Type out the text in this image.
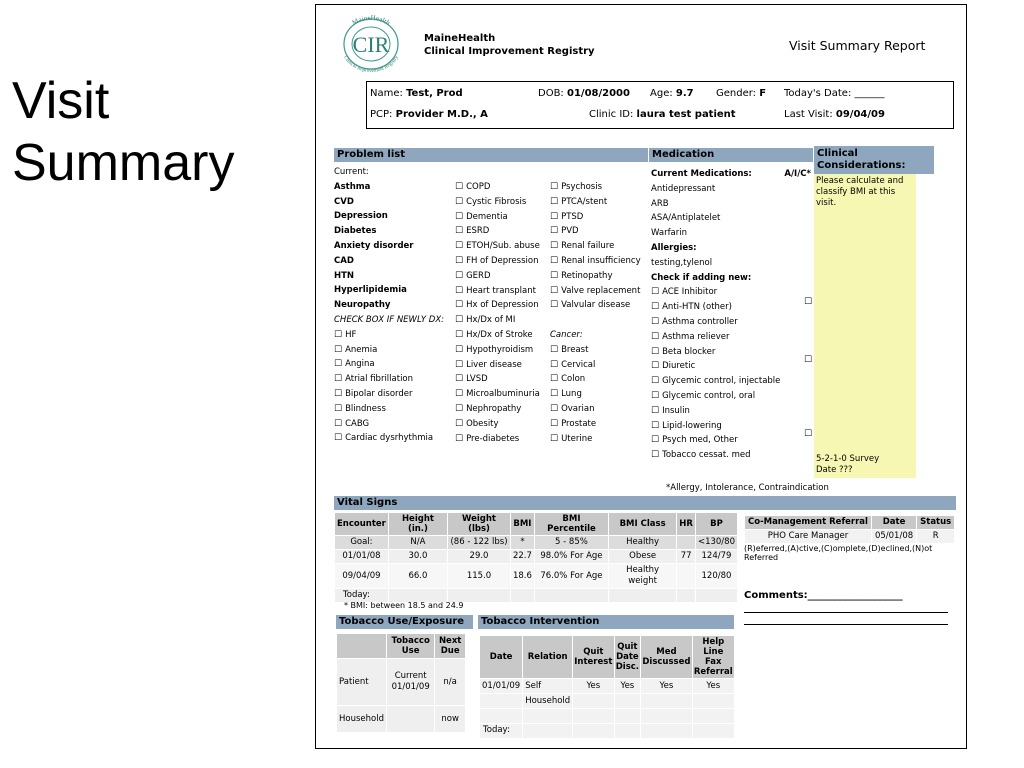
Visit
Summary
CIR
MaineHealth
Clinical Improvement Registry
MaineHealth
Clinical Improvement Registry	Visit Summary Report
Name: Test, Prod	DOB: 01/08/2000 Age: 9.7 Gender: F Today's Date: ______
PCP: Provider M.D., A	Clinic ID: laura test patient	Last Visit: 09/04/09
Problem list	Medication	Clinical Considerations:
Please calculate and classify BMI at this visit.
5-2-1-0 Survey
Date ???
Current:
Asthma
CVD
Depression
Diabetes
Anxiety disorder
CAD
HTN
Hyperlipidemia
Neuropathy
CHECK BOX IF NEWLY DX:
☐ HF
☐ Anemia
☐ Angina
☐ Atrial fibrillation
☐ Bipolar disorder
☐ Blindness
☐ CABG
☐ Cardiac dysrhythmia
☐ COPD
☐ Cystic Fibrosis
☐ Dementia
☐ ESRD
☐ ETOH/Sub. abuse
☐ FH of Depression
☐ GERD
☐ Heart transplant
☐ Hx of Depression
☐ Hx/Dx of MI
☐ Hx/Dx of Stroke
☐ Hypothyroidism
☐ Liver disease
☐ LVSD
☐ Microalbuminuria
☐ Nephropathy
☐ Obesity
☐ Pre-diabetes
☐ Psychosis
☐ PTCA/stent
☐ PTSD
☐ PVD
☐ Renal failure
☐ Renal insufficiency
☐ Retinopathy
☐ Valve replacement
☐ Valvular disease
Cancer:
☐ Breast
☐ Cervical
☐ Colon
☐ Lung
☐ Ovarian
☐ Prostate
☐ Uterine
Current Medications:	A/I/C*
Antidepressant
ARB
ASA/Antiplatelet
Warfarin
Allergies:
testing,tylenol
Check if adding new:
☐ ACE Inhibitor
☐ Anti-HTN (other)
☐ Asthma controller
☐ Asthma reliever
☐ Beta blocker
☐ Diuretic
☐ Glycemic control, injectable
☐ Glycemic control, oral
☐ Insulin
☐ Lipid-lowering
☐ Psych med, Other
☐ Tobacco cessat. med
☐
☐
☐
*Allergy, Intolerance, Contraindication
Vital Signs
Encounter	Height (in.)	Weight (lbs)	BMI	BMI Percentile	BMI Class	HR	BP
Goal:	N/A	(86 - 122 lbs)	*	5 - 85%	Healthy		<130/80
01/01/08	30.0	29.0	22.7	98.0% For Age	Obese	77	124/79
09/04/09	66.0	115.0	18.6	76.0% For Age	Healthy weight		120/80
Today:							
* BMI: between 18.5 and 24.9
Co-Management Referral	Date	Status
PHO Care Manager	05/01/08	R
(R)eferred,(A)ctive,(C)omplete,(D)eclined,(N)ot Referred
Comments:___________________
Tobacco Use/Exposure	Tobacco Intervention
	Tobacco Use	Next Due
Patient	Current 01/01/09	n/a
Household		now
Date	Relation	Quit Interest	Quit Date Disc.	Med Discussed	Help Line Fax Referral
01/01/09	Self	Yes	Yes	Yes	Yes
	Household				

Today:
